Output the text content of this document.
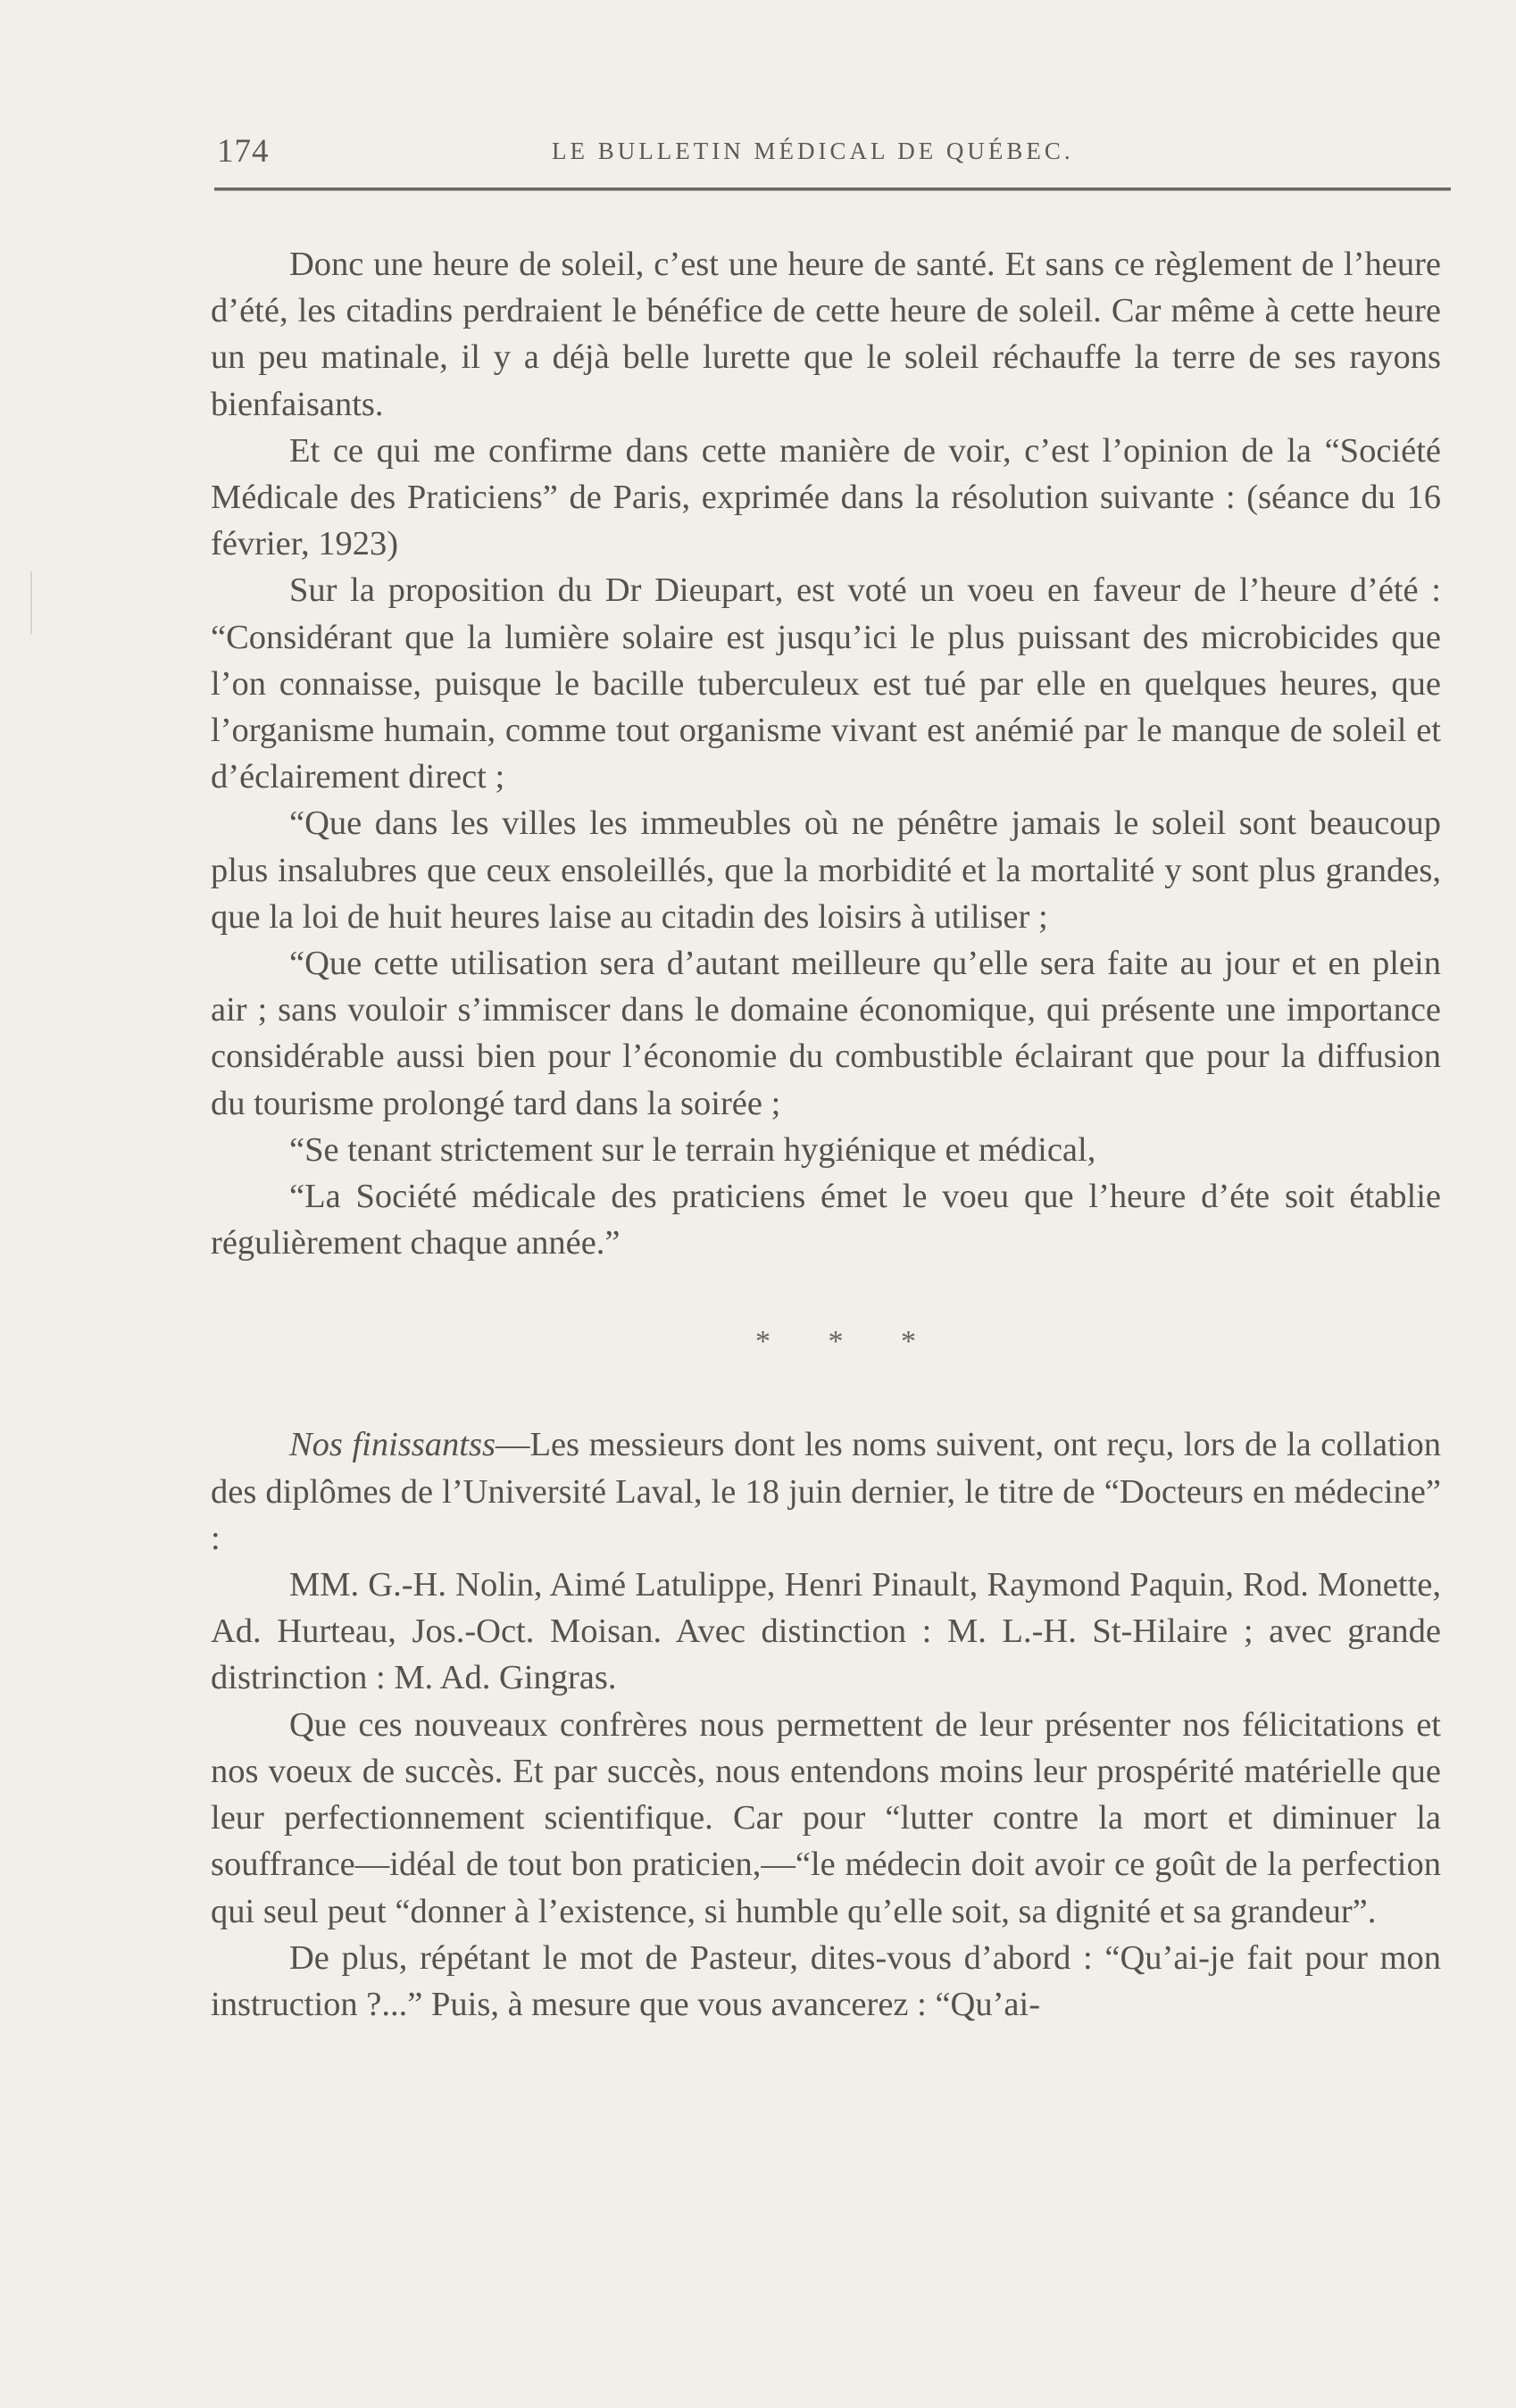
174	LE BULLETIN MÉDICAL DE QUÉBEC.

Donc une heure de soleil, c’est une heure de santé. Et sans ce règlement de l’heure d’été, les citadins perdraient le bénéfice de cette heure de soleil. Car même à cette heure un peu matinale, il y a déjà belle lurette que le soleil réchauffe la terre de ses rayons bienfaisants.

Et ce qui me confirme dans cette manière de voir, c’est l’opinion de la “Société Médicale des Praticiens” de Paris, exprimée dans la résolution suivante : (séance du 16 février, 1923)

Sur la proposition du Dr Dieupart, est voté un voeu en faveur de l’heure d’été : “Considérant que la lumière solaire est jusqu’ici le plus puissant des microbicides que l’on connaisse, puisque le bacille tuberculeux est tué par elle en quelques heures, que l’organisme humain, comme tout organisme vivant est anémié par le manque de soleil et d’éclairement direct ;

“Que dans les villes les immeubles où ne pénêtre jamais le soleil sont beaucoup plus insalubres que ceux ensoleillés, que la morbidité et la mortalité y sont plus grandes, que la loi de huit heures laise au citadin des loisirs à utiliser ;

“Que cette utilisation sera d’autant meilleure qu’elle sera faite au jour et en plein air ; sans vouloir s’immiscer dans le domaine économique, qui présente une importance considérable aussi bien pour l’économie du combustible éclairant que pour la diffusion du tourisme prolongé tard dans la soirée ;

“Se tenant strictement sur le terrain hygiénique et médical,

“La Société médicale des praticiens émet le voeu que l’heure d’éte soit établie régulièrement chaque année.”

* * *

Nos finissantss—Les messieurs dont les noms suivent, ont reçu, lors de la collation des diplômes de l’Université Laval, le 18 juin dernier, le titre de “Docteurs en médecine” :

MM. G.-H. Nolin, Aimé Latulippe, Henri Pinault, Raymond Paquin, Rod. Monette, Ad. Hurteau, Jos.-Oct. Moisan. Avec distinction : M. L.-H. St-Hilaire ; avec grande distrinction : M. Ad. Gingras.

Que ces nouveaux confrères nous permettent de leur présenter nos félicitations et nos voeux de succès. Et par succès, nous entendons moins leur prospérité matérielle que leur perfectionnement scientifique. Car pour “lutter contre la mort et diminuer la souffrance—idéal de tout bon praticien,—“le médecin doit avoir ce goût de la perfection qui seul peut “donner à l’existence, si humble qu’elle soit, sa dignité et sa grandeur”.

De plus, répétant le mot de Pasteur, dites-vous d’abord : “Qu’ai-je fait pour mon instruction ?...” Puis, à mesure que vous avancerez : “Qu’ai-
